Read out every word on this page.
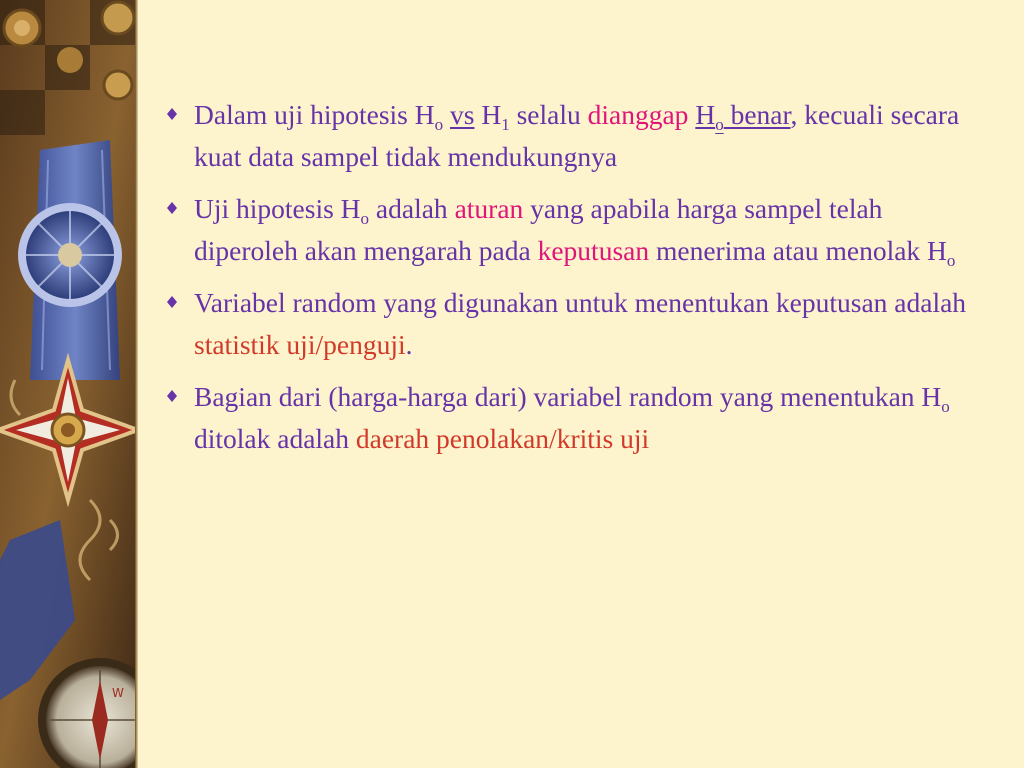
W
Dalam uji hipotesis $H_o$ vs $H_1$ selalu dianggap $H_o$ benar, kecuali secara kuat data sampel tidak mendukungnya
Uji hipotesis $H_o$ adalah aturan yang apabila harga sampel telah diperoleh akan mengarah pada keputusan menerima atau menolak $H_o$
Variabel random yang digunakan untuk menentukan keputusan adalah statistik uji/penguji.
Bagian dari (harga-harga dari) variabel random yang menentukan $H_o$ ditolak adalah daerah penolakan/kritis uji
